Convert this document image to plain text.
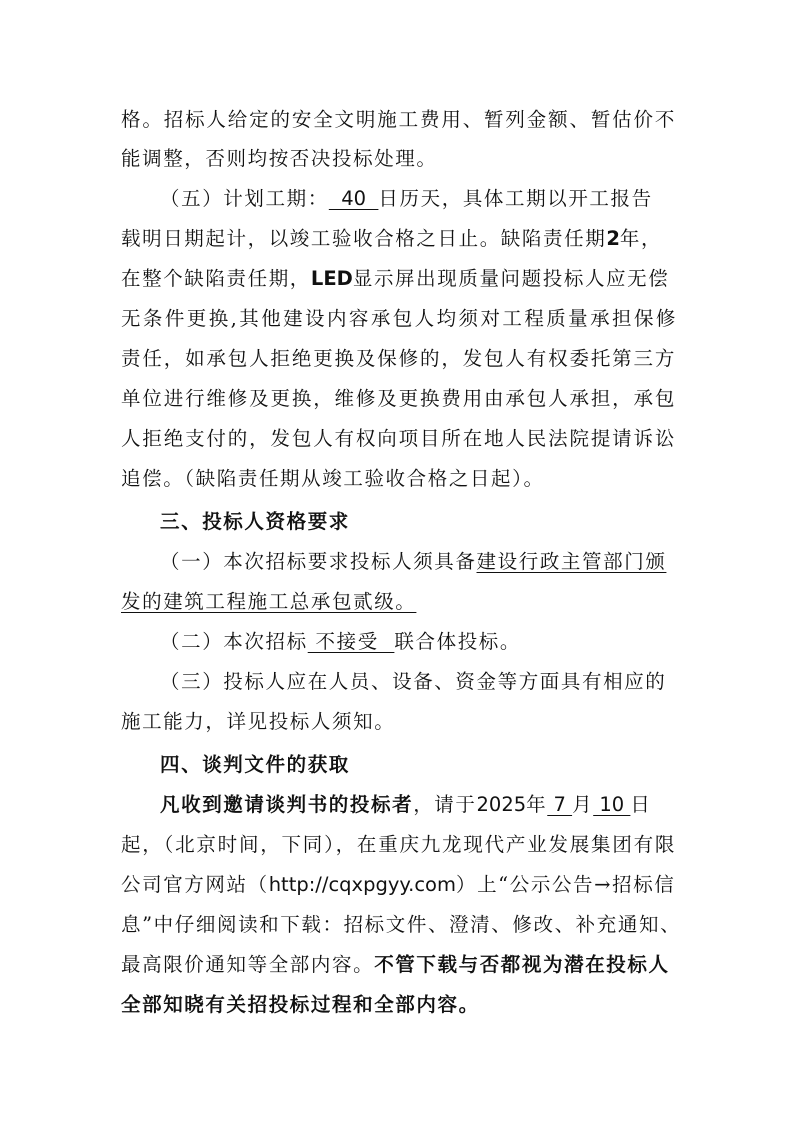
格。招标人给定的安全文明施工费用、暂列金额、暂估价不
能调整，否则均按否决投标处理。
（五）计划工期：  40  日历天，具体工期以开工报告
载明日期起计，以竣工验收合格之日止。缺陷责任期2年，
在整个缺陷责任期，LED显示屏出现质量问题投标人应无偿
无条件更换,其他建设内容承包人均须对工程质量承担保修
责任，如承包人拒绝更换及保修的，发包人有权委托第三方
单位进行维修及更换，维修及更换费用由承包人承担，承包
人拒绝支付的，发包人有权向项目所在地人民法院提请诉讼
追偿。（缺陷责任期从竣工验收合格之日起）。
三、投标人资格要求
（一）本次招标要求投标人须具备建设行政主管部门颁
发的建筑工程施工总承包贰级。
（二）本次招标 不接受  联合体投标。
（三）投标人应在人员、设备、资金等方面具有相应的
施工能力，详见投标人须知。
四、谈判文件的获取
凡收到邀请谈判书的投标者，请于2025年 7 月 10 日
起，（北京时间，下同），在重庆九龙现代产业发展集团有限
公司官方网站（http://cqxpgyy.com）上“公示公告→招标信
息”中仔细阅读和下载：招标文件、澄清、修改、补充通知、
最高限价通知等全部内容。不管下载与否都视为潜在投标人
全部知晓有关招投标过程和全部内容。
